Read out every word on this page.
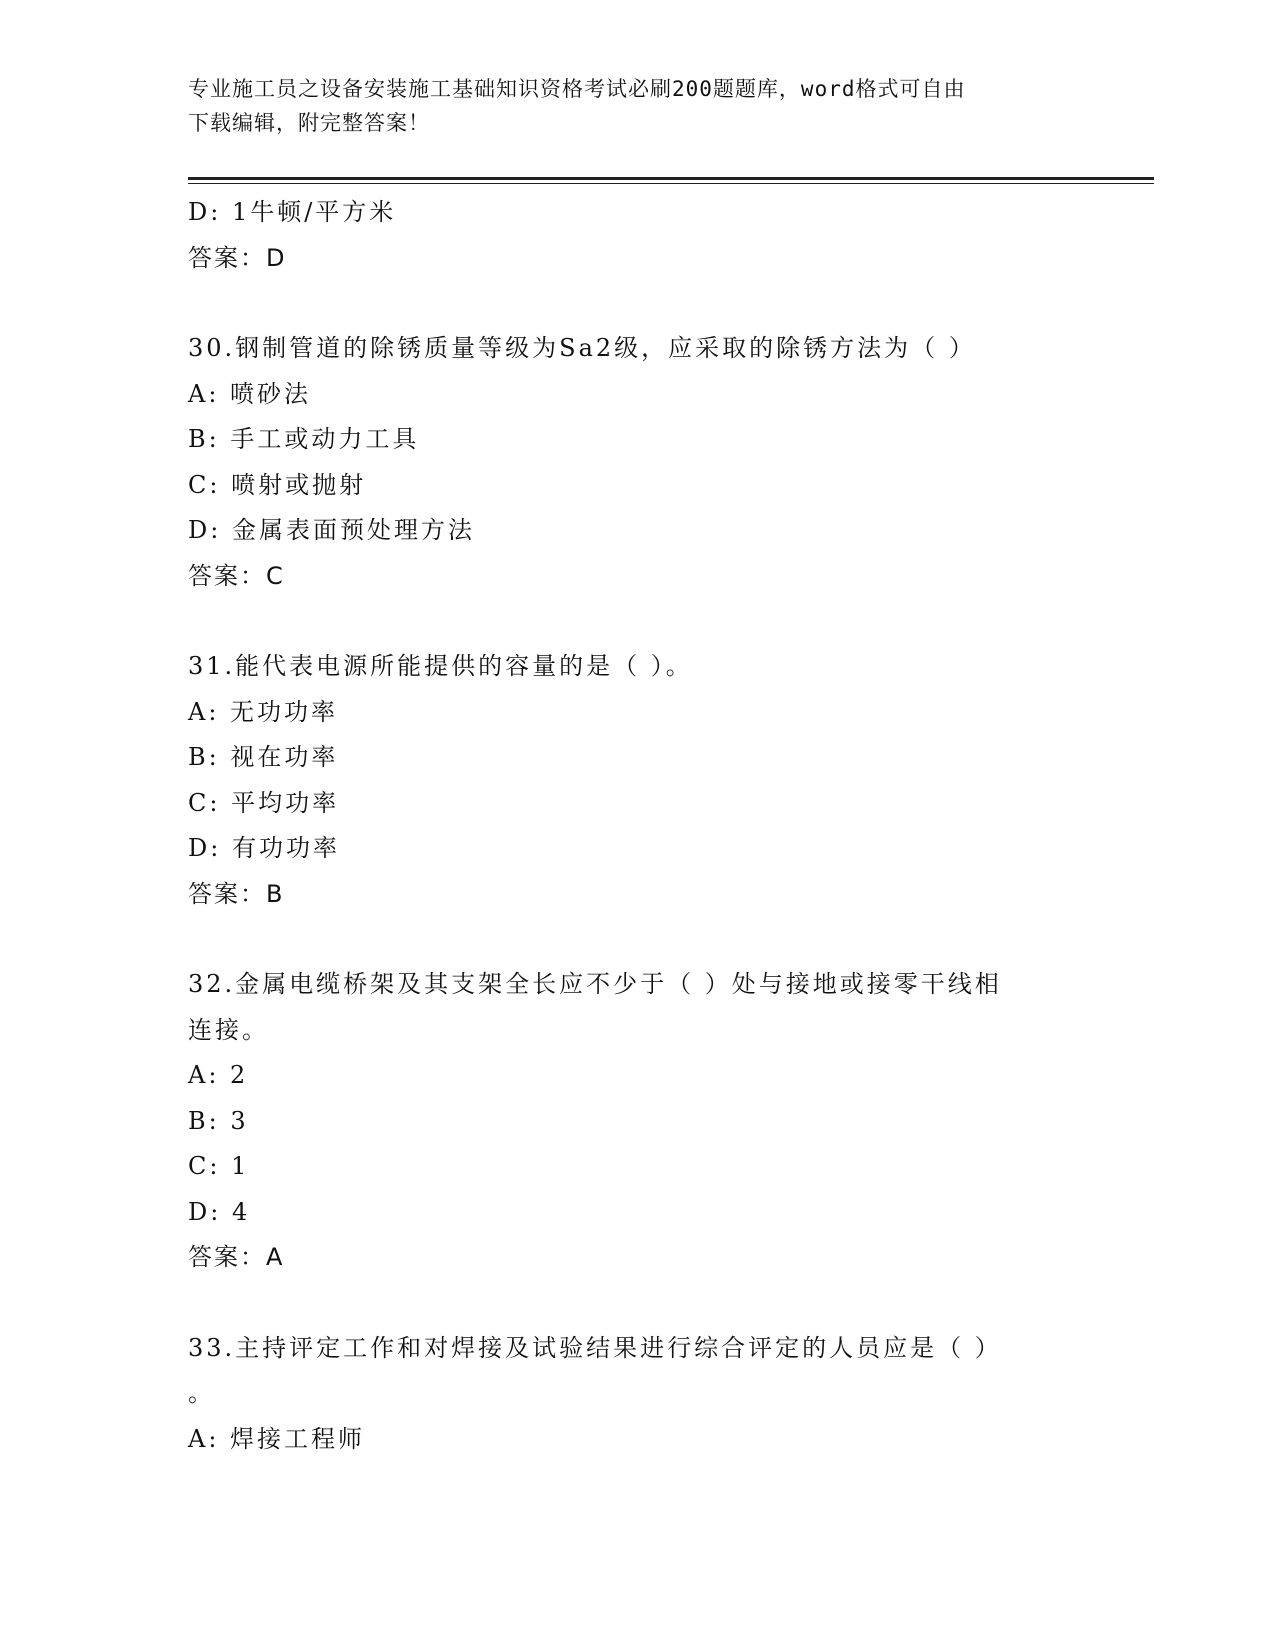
专业施工员之设备安装施工基础知识资格考试必刷200题题库，word格式可自由
下载编辑，附完整答案！
D: 1牛顿/平方米
答案：D
30.钢制管道的除锈质量等级为Sa2级，应采取的除锈方法为（ ）
A: 喷砂法
B: 手工或动力工具
C: 喷射或抛射
D: 金属表面预处理方法
答案：C
31.能代表电源所能提供的容量的是（ ）。
A: 无功功率
B: 视在功率
C: 平均功率
D: 有功功率
答案：B
32.金属电缆桥架及其支架全长应不少于（ ）处与接地或接零干线相
连接。
A: 2
B: 3
C: 1
D: 4
答案：A
33.主持评定工作和对焊接及试验结果进行综合评定的人员应是（ ）
。
A: 焊接工程师
